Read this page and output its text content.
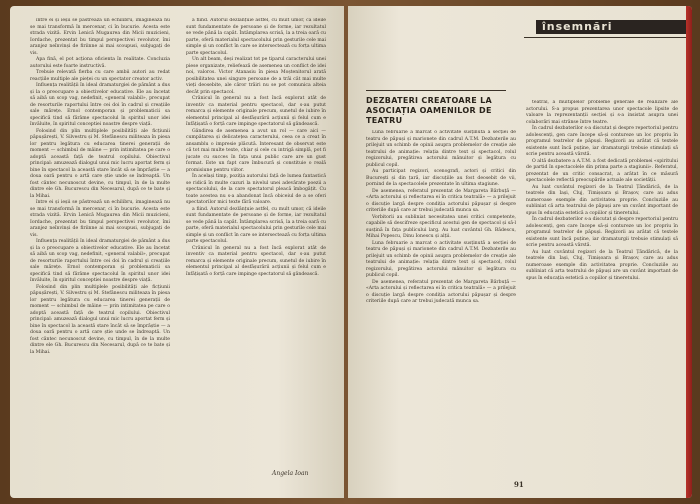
între ei și ieșii se păstrează un echilibru, imaginează nu se mai transformă în mercenar, ci în bucurie. Acesta este strada vizită. Ervin Lenică Mugaurea din Micii muzicieni, Iordache, prezentat bu timpul perspectivei revolutor, îmi aranjez neînvinși de firiinne ai mai scoupusi, subjugați de vis.

Apa fină, el pot acționa oficienta în realitate. Concluzia autorului este foarte instructivă.

Trebuie relevată fierba cu care ambii autori au redat reacțiile multiple ale pieței cu un spectator creator activ.

Influența realității în ideal dramaturgiei de pământ a dus și la o preocupare a obiectivelor educative. Ele au încetat să aibă un scop vag, nedefinit, «general valabil», precupat de resorturile raportului între cei doi în cadrul și creațiile sale mărețe. Ernol contemporan și problematicii sa specifică tind să fărâme spectacolul în spiritul unor idei învăluite, în spiritul conceptiei noastre despre viață.

Folosind din plin multiplele posibilități ale ficțiunii păpușărești, V. Silvestru și M. Stefănescu militeaza în piesa lor pentru legătura cu educarea tinerei generații de moment — schimbul de mâine — prin intimitatea pe care o adoptă această față de teatrul copilului. Obiectivul principal: amuzează dialogul unui mic lucru aportat ferm și bine în spectacol la această stare încât să se împrăștie — a doua oară pentru o artă care știe unde se îndreaptă. Un fost cântec necunoscut devine, cu timpul, în de la multe dintre ele Gh. Bucurescu din Necesarul, după ce te bate și la Mihai.

între ei și ieșii se păstrează un echilibru, imaginează nu se mai transformă în mercenar, ci în bucurie. Acesta este strada vizită. Ervin Lenică Mugaurea din Micii muzicieni, Iordache, prezentat bu timpul perspectivei revolutor, îmi aranjez neînvinși de firiinne ai mai scoupusi, subjugați de vis.

Influența realității în ideal dramaturgiei de pământ a dus și la o preocupare a obiectivelor educative. Ele au încetat să aibă un scop vag, nedefinit, «general valabil», precupat de resorturile raportului între cei doi în cadrul și creațiile sale mărețe. Ernol contemporan și problematicii sa specifică tind să fărâme spectacolul în spiritul unor idei învăluite, în spiritul conceptiei noastre despre viață.

Folosind din plin multiplele posibilități ale ficțiunii păpușărești, V. Silvestru și M. Stefănescu militeaza în piesa lor pentru legătura cu educarea tinerei generații de moment — schimbul de mâine — prin intimitatea pe care o adoptă această față de teatrul copilului. Obiectivul principal: amuzează dialogul unui mic lucru aportat ferm și bine în spectacol la această stare încât să se împrăștie — a doua oară pentru o artă care știe unde se îndreaptă. Un fost cântec necunoscut devine, cu timpul, în de la multe dintre ele Gh. Bucurescu din Necesarul, după ce te bate și la Mihai.

a fiind. Autorul dezlănțuie astfel, cu mult umor, că ideile sunt fundamentate de persoane și de forme, iar rezultatul se vede până la capăt. Întâmplarea scrisă, la a treia oară cu parte, oferă materialul spectacolului prin gesturile cele mai simple și un conflict în care se intersectează cu forța ultima parte spectacolul.

Un alt beam, deși realizat tot pe tiparul caracterului unei piese organizate, reliefează de asemenea un conflict de idei noi, valoros. Victor Atanasiu în piesa Moștenitorul arată posibilitatea unei singure persoane de a trăi cât mai multe vieți deosebite, ale căror trăiri nu se pot comunica alteia decât prin spectacol.

Crânicul în general nu a fost încă explorat atât de inventiv ca material pentru spectacol, dar s-au putut remarca și elemente originale precum, sunetul de iubire în elementul principal al desfășurării acțiunii și felul cum e înfățișată o forță care impinge spectatorul să gândească.

Gândirea de asemenea a avut un rol — care aici — cumpătarea și delicatețea caracterului, ceea ce a creat în ansamblu o impresie plăcută. Interesant de observat este că tot mai multe texte, chiar și cele cu intrigă simplă, pot fi jucate cu succes în fața unui public care are un gust format. Este un fapt care îmbucură și constituie o reală promisiune pentru viitor.

În același timp, poziția autorului față de lumea fantastică se ridică în multe cazuri la nivelul unei adevărate poezii a spectacolului, de la care spectatorul pleacă îmbogățit. Cu toate acestea nu s-a abandonat încă obiceiul de a se oferi spectatorilor mici texte fără valoare.

a fiind. Autorul dezlănțuie astfel, cu mult umor, că ideile sunt fundamentate de persoane și de forme, iar rezultatul se vede până la capăt. Întâmplarea scrisă, la a treia oară cu parte, oferă materialul spectacolului prin gesturile cele mai simple și un conflict în care se intersectează cu forța ultima parte spectacolul.

Crânicul în general nu a fost încă explorat atât de inventiv ca material pentru spectacol, dar s-au putut remarca și elemente originale precum, sunetul de iubire în elementul principal al desfășurării acțiunii și felul cum e înfățișată o forță care impinge spectatorul să gândească.

Angela Ioan
însemnări
DEZBATERI CREATOARE LA ASOCIAȚIA OAMENILOR DE TEATRU

Luna februarie a marcat o activitate susținută a secției de teatru de păpuși și marionete din cadrul A.T.M. Dezbaterile au prilejuit un schimb de opinii asupra problemelor de creație ale teatrului de animație: relația dintre text și spectacol, rolul regizorului, pregătirea actorului mânuitor și legătura cu publicul copil.

Au participat regizori, scenografi, actori și critici din București și din țară, iar discuțiile au fost deosebit de vii, pornind de la spectacolele prezentate în ultima stagiune.

De asemenea, referatul prezentat de Margareta Bărbuță — «Arta actorului și reflectarea ei în critica teatrală» — a prilejuit o discuție largă despre condiția actorului păpușar și despre criteriile după care ar trebui judecată munca sa.

Vorbitorii au subliniat necesitatea unei critici competente, capabile să descifreze specificul acestui gen de spectacol și să-l susțină în fața publicului larg. Au luat cuvântul Gh. Bădescu, Mihai Popescu, Dinu Ionescu și alții.

Luna februarie a marcat o activitate susținută a secției de teatru de păpuși și marionete din cadrul A.T.M. Dezbaterile au prilejuit un schimb de opinii asupra problemelor de creație ale teatrului de animație: relația dintre text și spectacol, rolul regizorului, pregătirea actorului mânuitor și legătura cu publicul copil.

De asemenea, referatul prezentat de Margareta Bărbuță — «Arta actorului și reflectarea ei în critica teatrală» — a prilejuit o discuție largă despre condiția actorului păpușar și despre criteriile după care ar trebui judecată munca sa.

teatral, a multiplelor probleme generale de realizare ale actorului. S-a propus prezentarea unor spectacole lipsite de valoare la reprezentanții secției și s-a insistat asupra unei colaborări mai strânse între teatre.

În cadrul dezbaterilor s-a discutat și despre repertoriul pentru adolescenți, gen care începe să-și contureze un loc propriu în programul teatrelor de păpuși. Regizorii au arătat că textele existente sunt încă puține, iar dramaturgii trebuie stimulați să scrie pentru această vârstă.

O altă dezbatere a A.T.M. a fost dedicată problemei «spiritului de partid în spectacolele din prima parte a stagiunii». Referatul, prezentat de un critic consacrat, a arătat în ce măsură spectacolele reflectă preocupările actuale ale societății.

Au luat cuvântul regizori de la Teatrul Țăndărică, de la teatrele din Iași, Cluj, Timișoara și Brașov, care au adus numeroase exemple din activitatea proprie. Concluziile au subliniat că arta teatrului de păpuși are un cuvânt important de spus în educația estetică a copiilor și tineretului.

În cadrul dezbaterilor s-a discutat și despre repertoriul pentru adolescenți, gen care începe să-și contureze un loc propriu în programul teatrelor de păpuși. Regizorii au arătat că textele existente sunt încă puține, iar dramaturgii trebuie stimulați să scrie pentru această vârstă.

Au luat cuvântul regizori de la Teatrul Țăndărică, de la teatrele din Iași, Cluj, Timișoara și Brașov, care au adus numeroase exemple din activitatea proprie. Concluziile au subliniat că arta teatrului de păpuși are un cuvânt important de spus în educația estetică a copiilor și tineretului.

91
